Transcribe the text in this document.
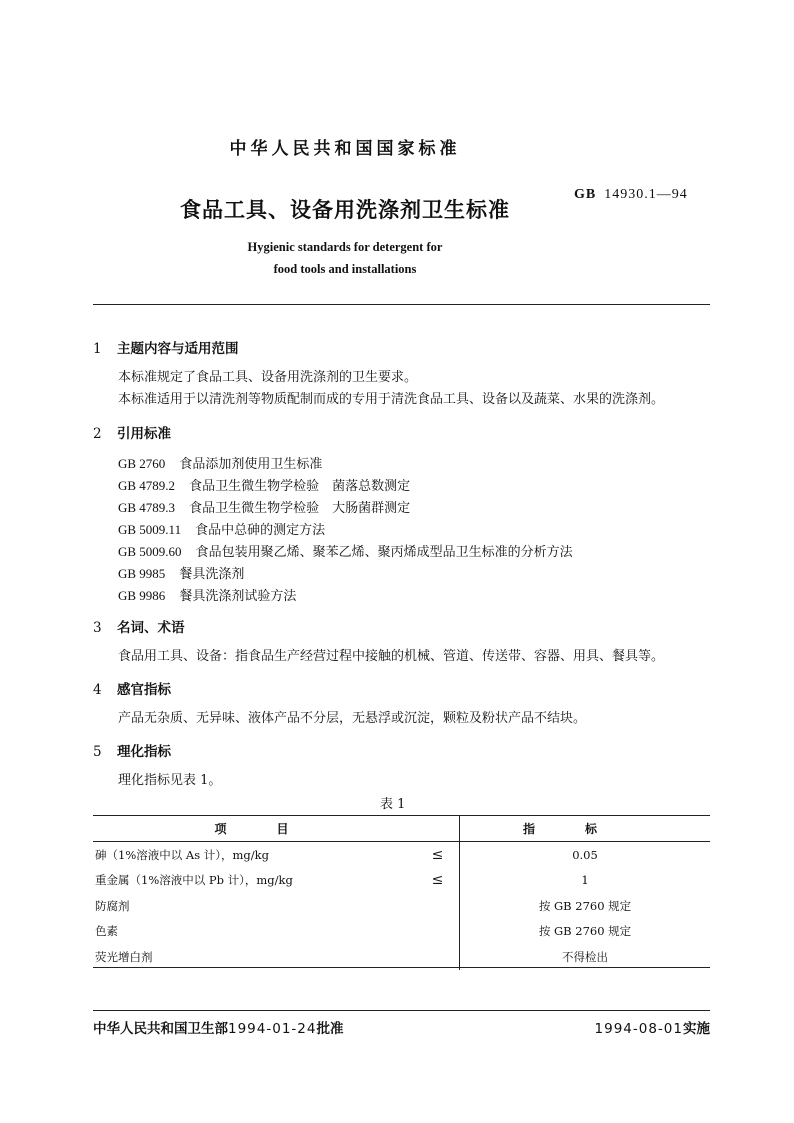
中华人民共和国国家标准
GB 14930.1—94
食品工具、设备用洗涤剂卫生标准
Hygienic standards for detergent for
food tools and installations
1 主题内容与适用范围
本标准规定了食品工具、设备用洗涤剂的卫生要求。
本标准适用于以清洗剂等物质配制而成的专用于清洗食品工具、设备以及蔬菜、水果的洗涤剂。
2 引用标准
GB 2760 食品添加剂使用卫生标准
GB 4789.2 食品卫生微生物学检验　菌落总数测定
GB 4789.3 食品卫生微生物学检验　大肠菌群测定
GB 5009.11 食品中总砷的测定方法
GB 5009.60 食品包装用聚乙烯、聚苯乙烯、聚丙烯成型品卫生标准的分析方法
GB 9985 餐具洗涤剂
GB 9986 餐具洗涤剂试验方法
3 名词、术语
食品用工具、设备：指食品生产经营过程中接触的机械、管道、传送带、容器、用具、餐具等。
4 感官指标
产品无杂质、无异味、液体产品不分层，无悬浮或沉淀，颗粒及粉状产品不结块。
5 理化指标
理化指标见表 1。
表 1
项目		指标
砷（1%溶液中以 As 计），mg/kg	≤	0.05
重金属（1%溶液中以 Pb 计），mg/kg	≤	1
防腐剂		按 GB 2760 规定
色素		按 GB 2760 规定
荧光增白剂		不得检出
中华人民共和国卫生部1994-01-24批准	1994-08-01实施
